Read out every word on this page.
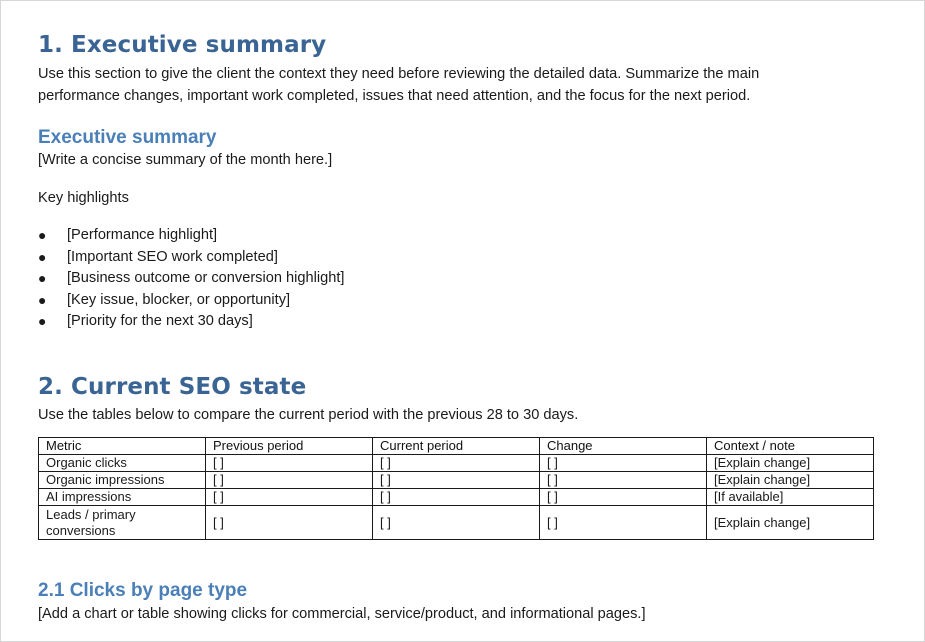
1. Executive summary

Use this section to give the client the context they need before reviewing the detailed data. Summarize the main

performance changes, important work completed, issues that need attention, and the focus for the next period.

Executive summary

[Write a concise summary of the month here.]

Key highlights

● [Performance highlight]
● [Important SEO work completed]
● [Business outcome or conversion highlight]
● [Key issue, blocker, or opportunity]
● [Priority for the next 30 days]
2. Current SEO state

Use the tables below to compare the current period with the previous 28 to 30 days.

Metric	Previous period	Current period	Change	Context / note
Organic clicks	[ ]	[ ]	[ ]	[Explain change]
Organic impressions	[ ]	[ ]	[ ]	[Explain change]
AI impressions	[ ]	[ ]	[ ]	[If available]
Leads / primary conversions	[ ]	[ ]	[ ]	[Explain change]
2.1 Clicks by page type

[Add a chart or table showing clicks for commercial, service/product, and informational pages.]
